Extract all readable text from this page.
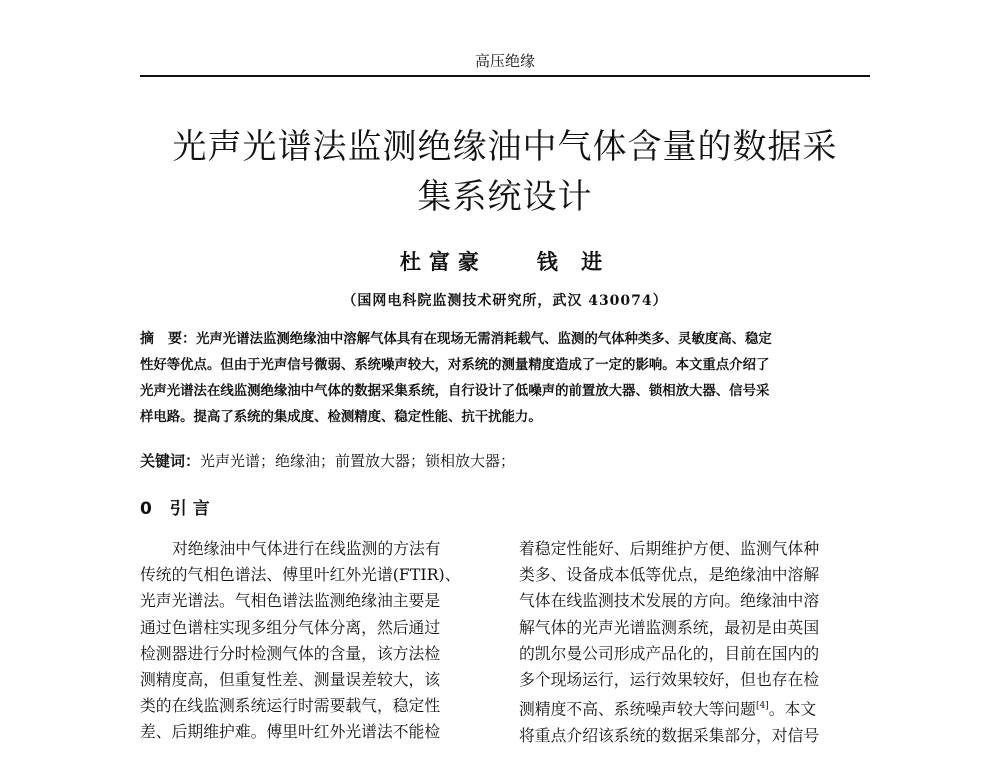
高压绝缘
光声光谱法监测绝缘油中气体含量的数据采
集系统设计
杜富豪 钱 进
（国网电科院监测技术研究所，武汉 430074）
摘　要：光声光谱法监测绝缘油中溶解气体具有在现场无需消耗载气、监测的气体种类多、灵敏度高、稳定
性好等优点。但由于光声信号微弱、系统噪声较大，对系统的测量精度造成了一定的影响。本文重点介绍了
光声光谱法在线监测绝缘油中气体的数据采集系统，自行设计了低噪声的前置放大器、锁相放大器、信号采
样电路。提高了系统的集成度、检测精度、稳定性能、抗干扰能力。
关键词：光声光谱；绝缘油；前置放大器；锁相放大器；
0 引言
对绝缘油中气体进行在线监测的方法有
传统的气相色谱法、傅里叶红外光谱(FTIR)、
光声光谱法。气相色谱法监测绝缘油主要是
通过色谱柱实现多组分气体分离，然后通过
检测器进行分时检测气体的含量，该方法检
测精度高，但重复性差、测量误差较大，该
类的在线监测系统运行时需要载气，稳定性
差、后期维护难。傅里叶红外光谱法不能检
着稳定性能好、后期维护方便、监测气体种
类多、设备成本低等优点，是绝缘油中溶解
气体在线监测技术发展的方向。绝缘油中溶
解气体的光声光谱监测系统，最初是由英国
的凯尔曼公司形成产品化的，目前在国内的
多个现场运行，运行效果较好，但也存在检
测精度不高、系统噪声较大等问题[4]。本文
将重点介绍该系统的数据采集部分，对信号
